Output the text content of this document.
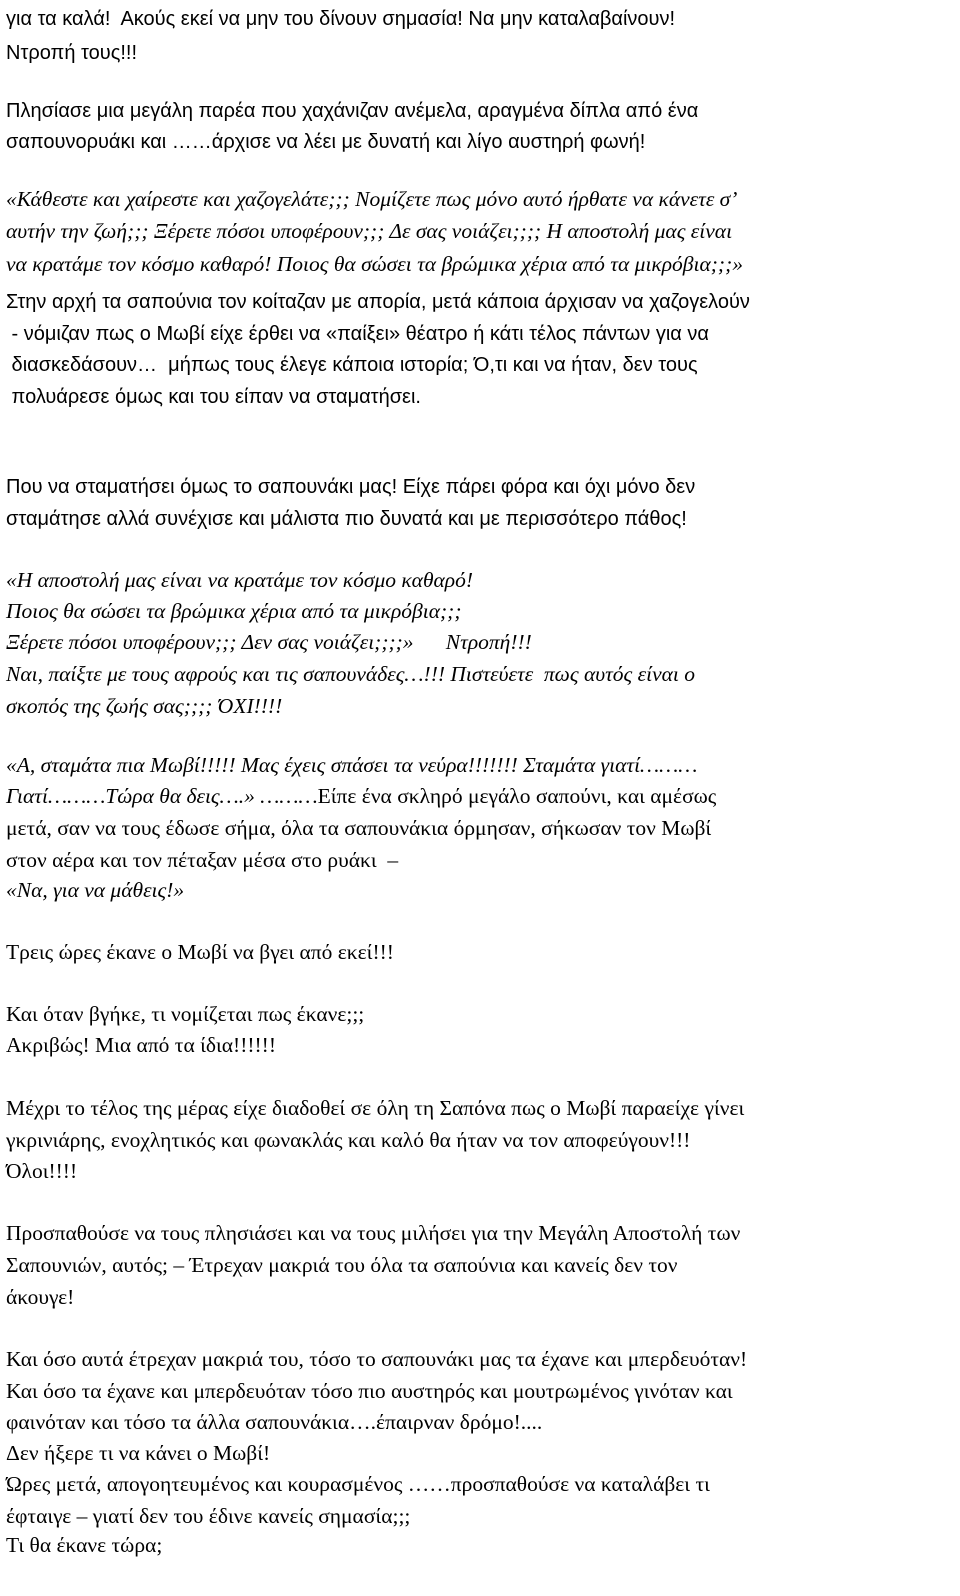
για τα καλά!  Ακούς εκεί να μην του δίνουν σημασία! Να μην καταλαβαίνουν!
Ντροπή τους!!!
Πλησίασε μια μεγάλη παρέα που χαχάνιζαν ανέμελα, αραγμένα δίπλα από ένα
σαπουνορυάκι και ……άρχισε να λέει με δυνατή και λίγο αυστηρή φωνή!
«Κάθεστε και χαίρεστε και χαζογελάτε;;; Νομίζετε πως μόνο αυτό ήρθατε να κάνετε σ’
αυτήν την ζωή;;; Ξέρετε πόσοι υποφέρουν;;; Δε σας νοιάζει;;;; Η αποστολή μας είναι
να κρατάμε τον κόσμο καθαρό! Ποιος θα σώσει τα βρώμικα χέρια από τα μικρόβια;;;»
Στην αρχή τα σαπούνια τον κοίταζαν με απορία, μετά κάποια άρχισαν να χαζογελούν
- νόμιζαν πως ο Μωβί είχε έρθει να «παίξει» θέατρο ή κάτι τέλος πάντων για να
διασκεδάσουν…  μήπως τους έλεγε κάποια ιστορία; Ό,τι και να ήταν, δεν τους
πολυάρεσε όμως και του είπαν να σταματήσει.
Που να σταματήσει όμως το σαπουνάκι μας! Είχε πάρει φόρα και όχι μόνο δεν
σταμάτησε αλλά συνέχισε και μάλιστα πιο δυνατά και με περισσότερο πάθος!
«Η αποστολή μας είναι να κρατάμε τον κόσμο καθαρό!
Ποιος θα σώσει τα βρώμικα χέρια από τα μικρόβια;;;
Ξέρετε πόσοι υποφέρουν;;; Δεν σας νοιάζει;;;;»      Ντροπή!!!
Ναι, παίξτε με τους αφρούς και τις σαπουνάδες…!!! Πιστεύετε  πως αυτός είναι ο
σκοπός της ζωής σας;;;; ΌΧΙ!!!!
«Α, σταμάτα πια Μωβί!!!!! Μας έχεις σπάσει τα νεύρα!!!!!!! Σταμάτα γιατί………
Γιατί………Τώρα θα δεις….» ………Είπε ένα σκληρό μεγάλο σαπούνι, και αμέσως
μετά, σαν να τους έδωσε σήμα, όλα τα σαπουνάκια όρμησαν, σήκωσαν τον Μωβί
στον αέρα και τον πέταξαν μέσα στο ρυάκι  –
«Να, για να μάθεις!»
Τρεις ώρες έκανε ο Μωβί να βγει από εκεί!!!
Και όταν βγήκε, τι νομίζεται πως έκανε;;;
Ακριβώς! Μια από τα ίδια!!!!!!
Μέχρι το τέλος της μέρας είχε διαδοθεί σε όλη τη Σαπόνα πως ο Μωβί παραείχε γίνει
γκρινιάρης, ενοχλητικός και φωνακλάς και καλό θα ήταν να τον αποφεύγουν!!!
Όλοι!!!!
Προσπαθούσε να τους πλησιάσει και να τους μιλήσει για την Μεγάλη Αποστολή των
Σαπουνιών, αυτός; – Έτρεχαν μακριά του όλα τα σαπούνια και κανείς δεν τον
άκουγε!
Και όσο αυτά έτρεχαν μακριά του, τόσο το σαπουνάκι μας τα έχανε και μπερδευόταν!
Και όσο τα έχανε και μπερδευόταν τόσο πιο αυστηρός και μουτρωμένος γινόταν και
φαινόταν και τόσο τα άλλα σαπουνάκια….έπαιρναν δρόμο!....
Δεν ήξερε τι να κάνει ο Μωβί!
Ώρες μετά, απογοητευμένος και κουρασμένος ……προσπαθούσε να καταλάβει τι
έφταιγε – γιατί δεν του έδινε κανείς σημασία;;;
Τι θα έκανε τώρα;
